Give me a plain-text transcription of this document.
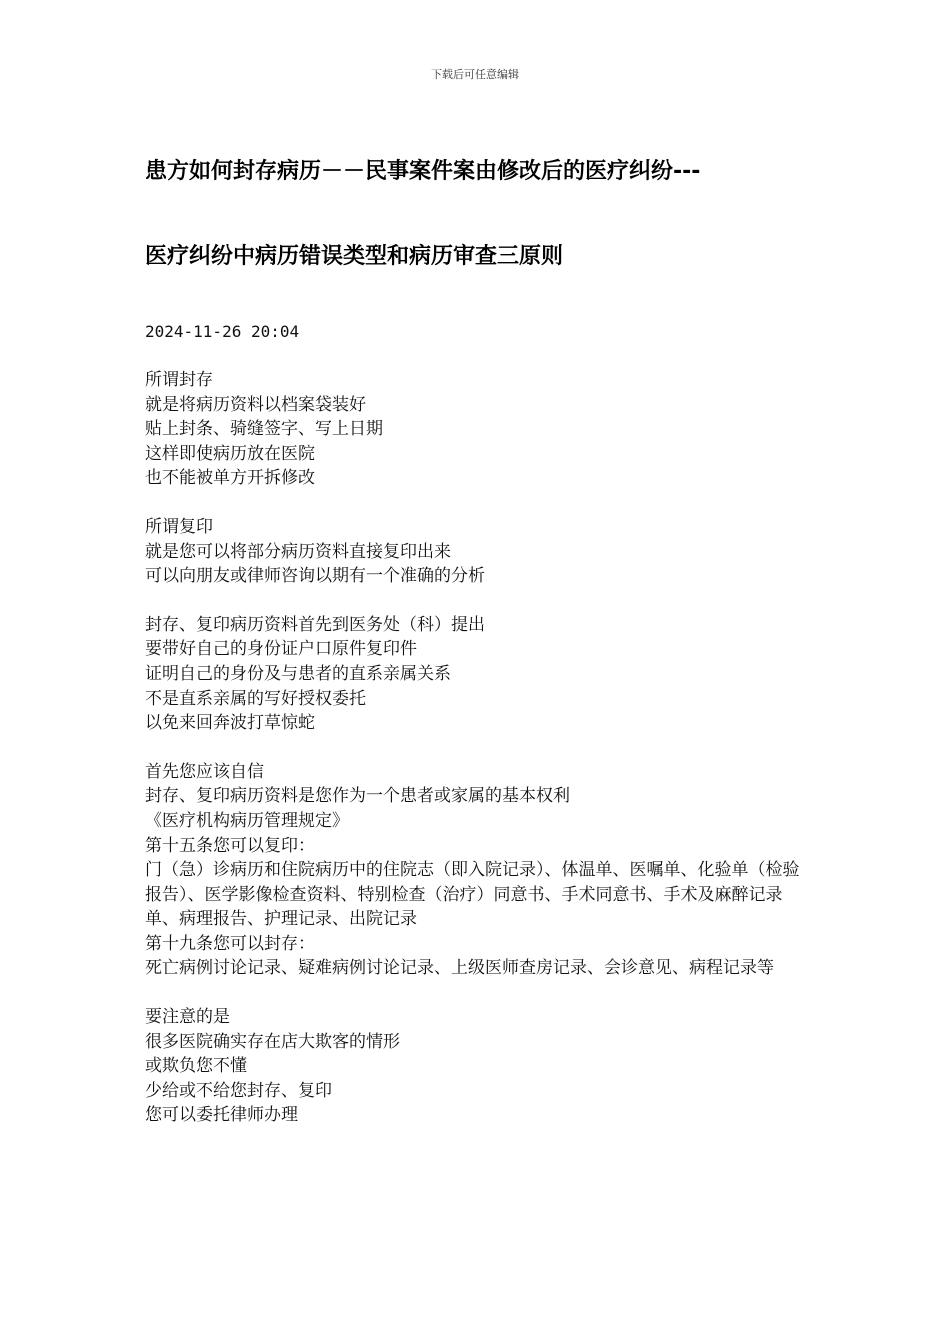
下载后可任意编辑
患方如何封存病历－－民事案件案由修改后的医疗纠纷---
医疗纠纷中病历错误类型和病历审查三原则
2024-11-26 20:04
所谓封存
就是将病历资料以档案袋装好
贴上封条、骑缝签字、写上日期
这样即使病历放在医院
也不能被单方开拆修改
所谓复印
就是您可以将部分病历资料直接复印出来
可以向朋友或律师咨询以期有一个准确的分析
封存、复印病历资料首先到医务处（科）提出
要带好自己的身份证户口原件复印件
证明自己的身份及与患者的直系亲属关系
不是直系亲属的写好授权委托
以免来回奔波打草惊蛇
首先您应该自信
封存、复印病历资料是您作为一个患者或家属的基本权利
《医疗机构病历管理规定》
第十五条您可以复印：
门（急）诊病历和住院病历中的住院志（即入院记录）、体温单、医嘱单、化验单（检验报告）、医学影像检查资料、特别检查（治疗）同意书、手术同意书、手术及麻醉记录单、病理报告、护理记录、出院记录
第十九条您可以封存：
死亡病例讨论记录、疑难病例讨论记录、上级医师查房记录、会诊意见、病程记录等
要注意的是
很多医院确实存在店大欺客的情形
或欺负您不懂
少给或不给您封存、复印
您可以委托律师办理
